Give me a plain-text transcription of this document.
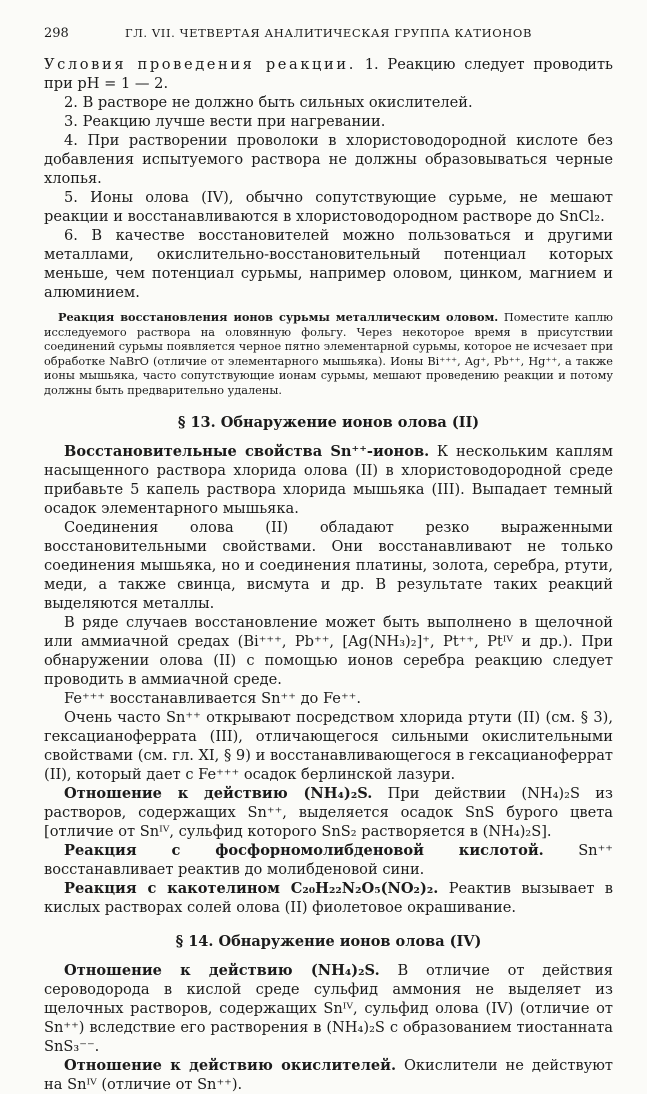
298	ГЛ. VII. ЧЕТВЕРТАЯ АНАЛИТИЧЕСКАЯ ГРУППА КАТИОНОВ

Условия проведения реакции. 1. Реакцию следует проводить при pH = 1 — 2.

2. В растворе не должно быть сильных окислителей.

3. Реакцию лучше вести при нагревании.

4. При растворении проволоки в хлористоводородной кислоте без добавления испытуемого раствора не должны образовываться черные хлопья.

5. Ионы олова (IV), обычно сопутствующие сурьме, не мешают реакции и восстанавливаются в хлористоводородном растворе до SnCl₂.

6. В качестве восстановителей можно пользоваться и другими металлами, окислительно-восстановительный потенциал которых меньше, чем потенциал сурьмы, например оловом, цинком, магнием и алюминием.

Реакция восстановления ионов сурьмы металлическим оловом. Поместите каплю исследуемого раствора на оловянную фольгу. Через некоторое время в присутствии соединений сурьмы появляется черное пятно элементарной сурьмы, которое не исчезает при обработке NaBrO (отличие от элементарного мышьяка). Ионы Bi⁺⁺⁺, Ag⁺, Pb⁺⁺, Hg⁺⁺, а также ионы мышьяка, часто сопутствующие ионам сурьмы, мешают проведению реакции и потому должны быть предварительно удалены.

§ 13. Обнаружение ионов олова (II)

Восстановительные свойства Sn⁺⁺-ионов. К нескольким каплям насыщенного раствора хлорида олова (II) в хлористоводородной среде прибавьте 5 капель раствора хлорида мышьяка (III). Выпадает темный осадок элементарного мышьяка.

Соединения олова (II) обладают резко выраженными восстановительными свойствами. Они восстанавливают не только соединения мышьяка, но и соединения платины, золота, серебра, ртути, меди, а также свинца, висмута и др. В результате таких реакций выделяются металлы.

В ряде случаев восстановление может быть выполнено в щелочной или аммиачной средах (Bi⁺⁺⁺, Pb⁺⁺, [Ag(NH₃)₂]⁺, Pt⁺⁺, Ptᴵⱽ и др.). При обнаружении олова (II) с помощью ионов серебра реакцию следует проводить в аммиачной среде.

Fe⁺⁺⁺ восстанавливается Sn⁺⁺ до Fe⁺⁺.

Очень часто Sn⁺⁺ открывают посредством хлорида ртути (II) (см. § 3), гексацианоферрата (III), отличающегося сильными окислительными свойствами (см. гл. XI, § 9) и восстанавливающегося в гексацианоферрат (II), который дает с Fe⁺⁺⁺ осадок берлинской лазури.

Отношение к действию (NH₄)₂S. При действии (NH₄)₂S из растворов, содержащих Sn⁺⁺, выделяется осадок SnS бурого цвета [отличие от Snᴵⱽ, сульфид которого SnS₂ растворяется в (NH₄)₂S].

Реакция с фосфорномолибденовой кислотой. Sn⁺⁺ восстанавливает реактив до молибденовой сини.

Реакция с какотелином C₂₀H₂₂N₂O₅(NO₂)₂. Реактив вызывает в кислых растворах солей олова (II) фиолетовое окрашивание.

§ 14. Обнаружение ионов олова (IV)

Отношение к действию (NH₄)₂S. В отличие от действия сероводорода в кислой среде сульфид аммония не выделяет из щелочных растворов, содержащих Snᴵⱽ, сульфид олова (IV) (отличие от Sn⁺⁺) вследствие его растворения в (NH₄)₂S с образованием тиостанната SnS₃⁻⁻.

Отношение к действию окислителей. Окислители не действуют на Snᴵⱽ (отличие от Sn⁺⁺).
